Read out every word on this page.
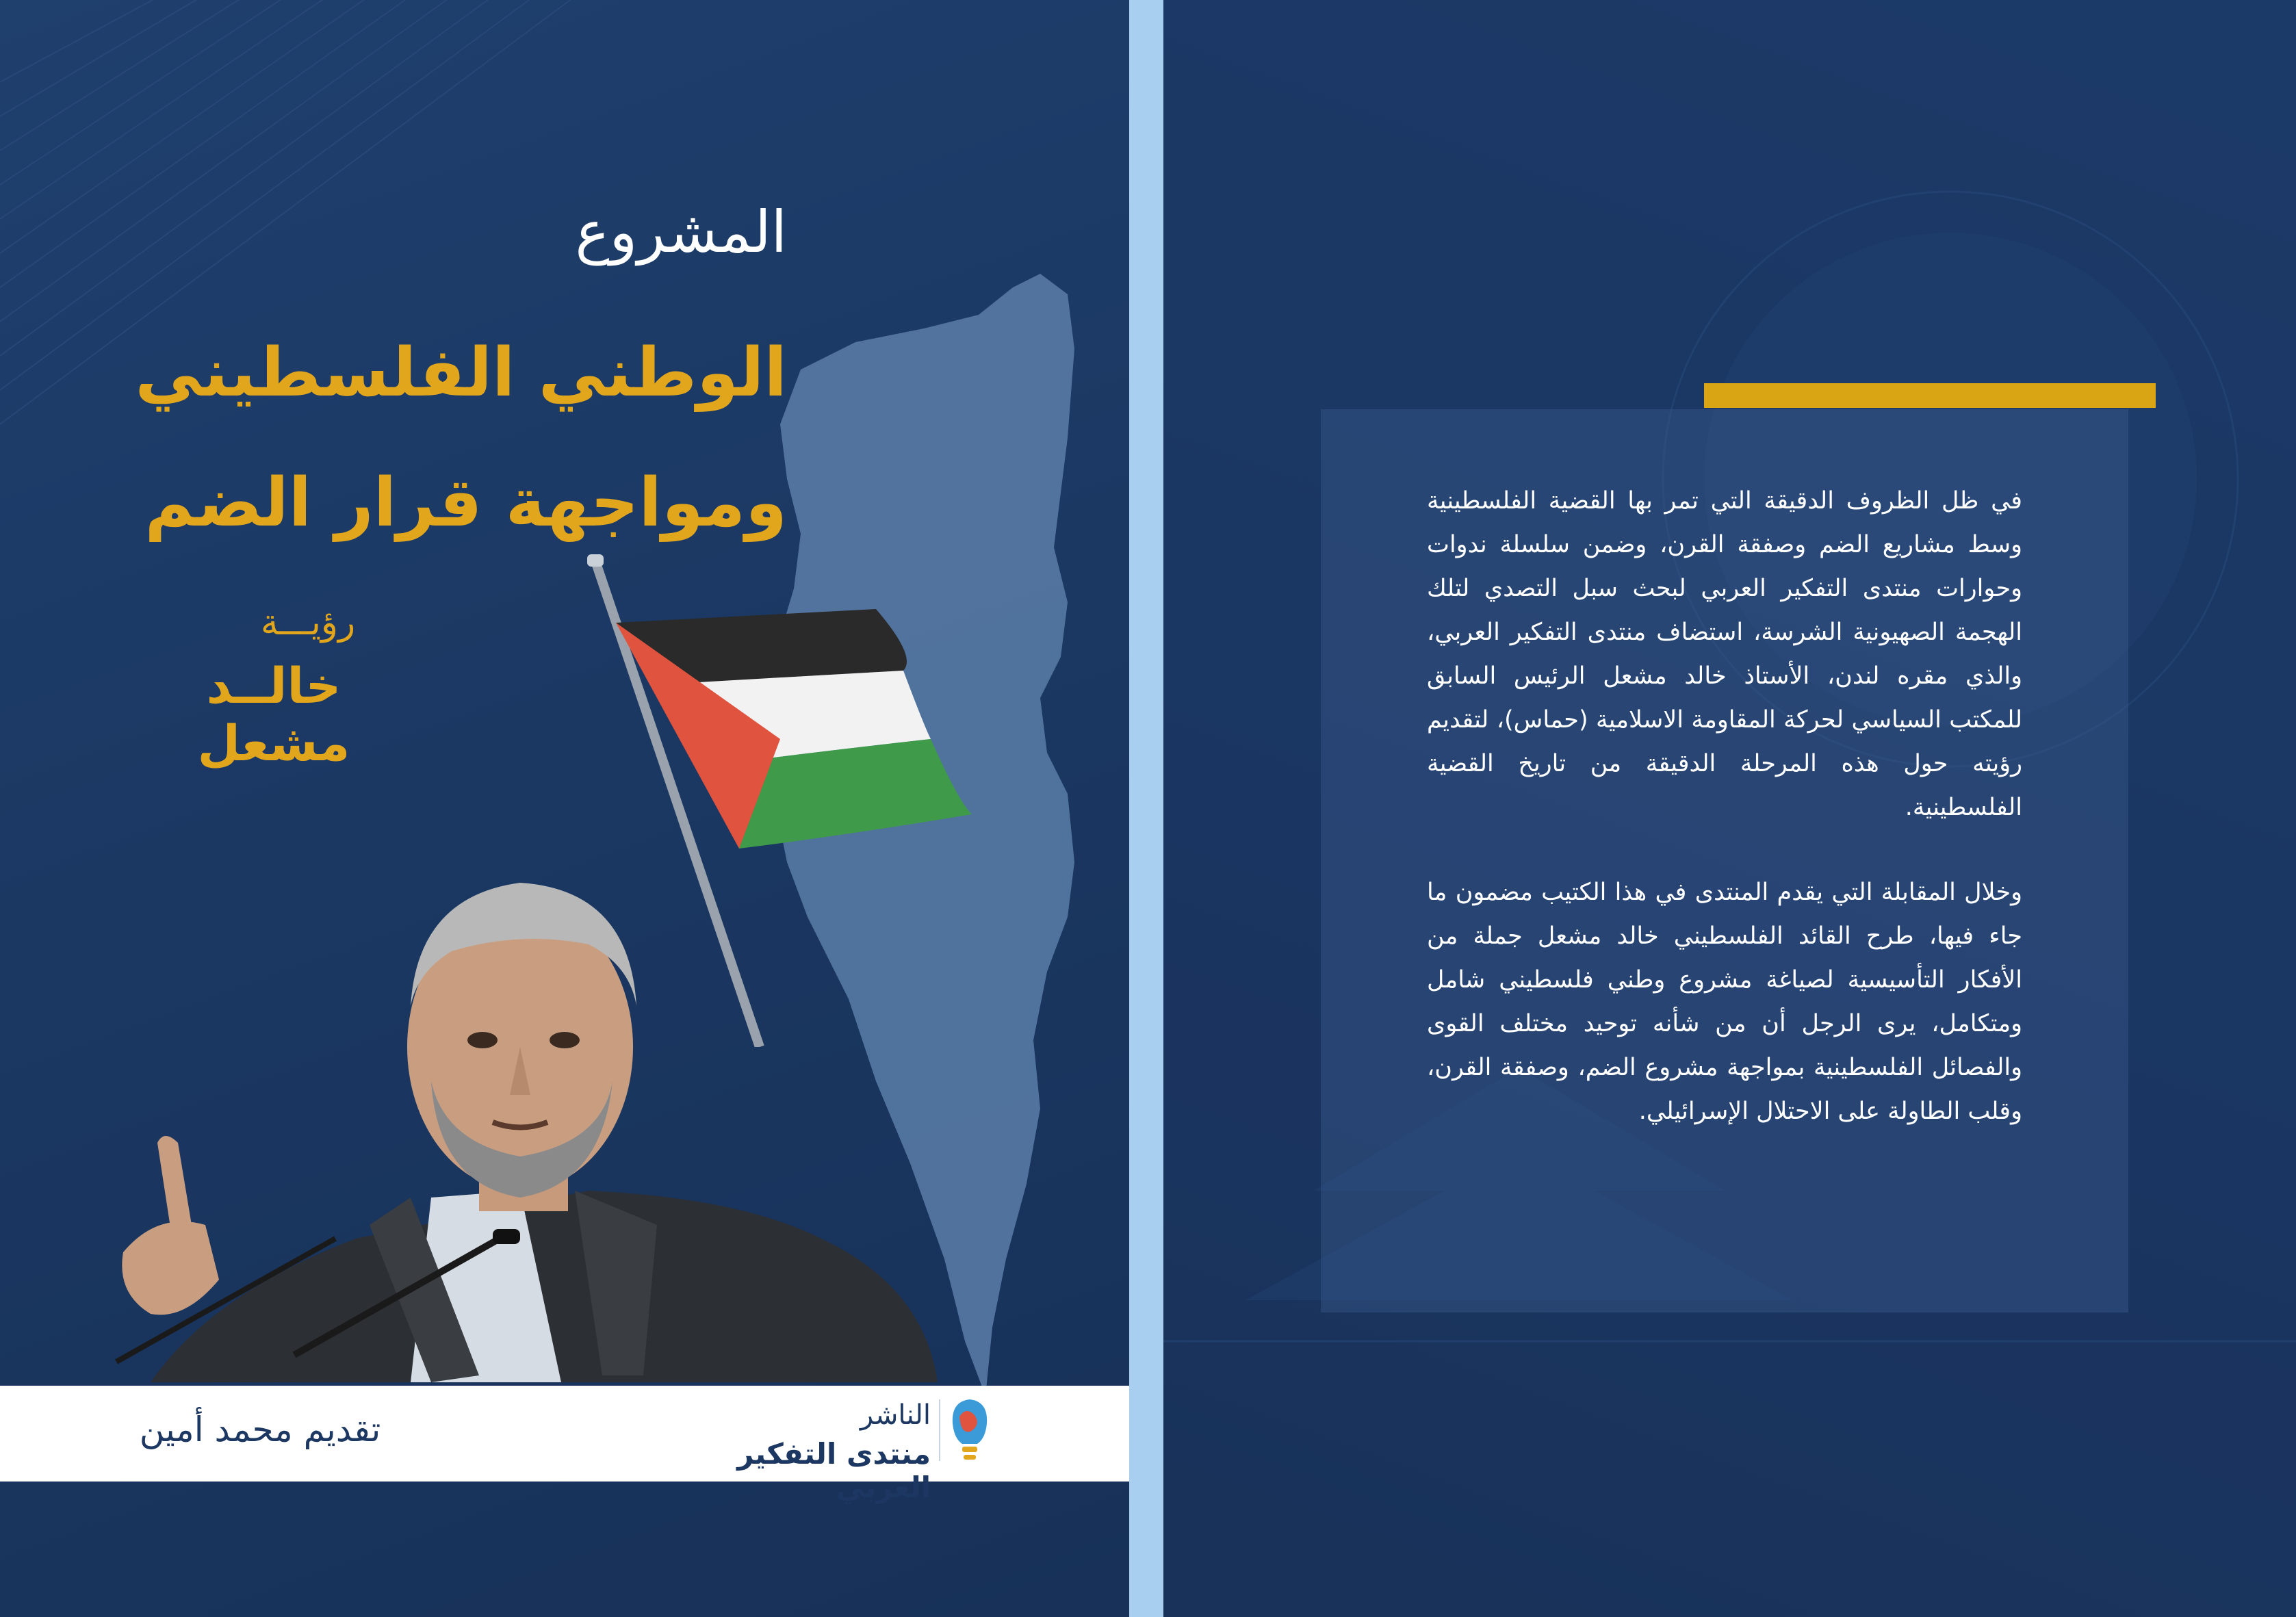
المشروع
الوطني الفلسطيني
ومواجهة قرار الضم
رؤيـــة
خالــد مشعل
تقديم محمد أمين	الناشر
منتدى التفكير العربي

في ظل الظروف الدقيقة التي تمر بها القضية الفلسطينية وسط مشاريع الضم وصفقة القرن، وضمن سلسلة ندوات وحوارات منتدى التفكير العربي لبحث سبل التصدي لتلك الهجمة الصهيونية الشرسة، استضاف منتدى التفكير العربي، والذي مقره لندن، الأستاذ خالد مشعل الرئيس السابق للمكتب السياسي لحركة المقاومة الاسلامية (حماس)، لتقديم رؤيته حول هذه المرحلة الدقيقة من تاريخ القضية الفلسطينية.

وخلال المقابلة التي يقدم المنتدى في هذا الكتيب مضمون ما جاء فيها، طرح القائد الفلسطيني خالد مشعل جملة من الأفكار التأسيسية لصياغة مشروع وطني فلسطيني شامل ومتكامل، يرى الرجل أن من شأنه توحيد مختلف القوى والفصائل الفلسطينية بمواجهة مشروع الضم، وصفقة القرن، وقلب الطاولة على الاحتلال الإسرائيلي.
